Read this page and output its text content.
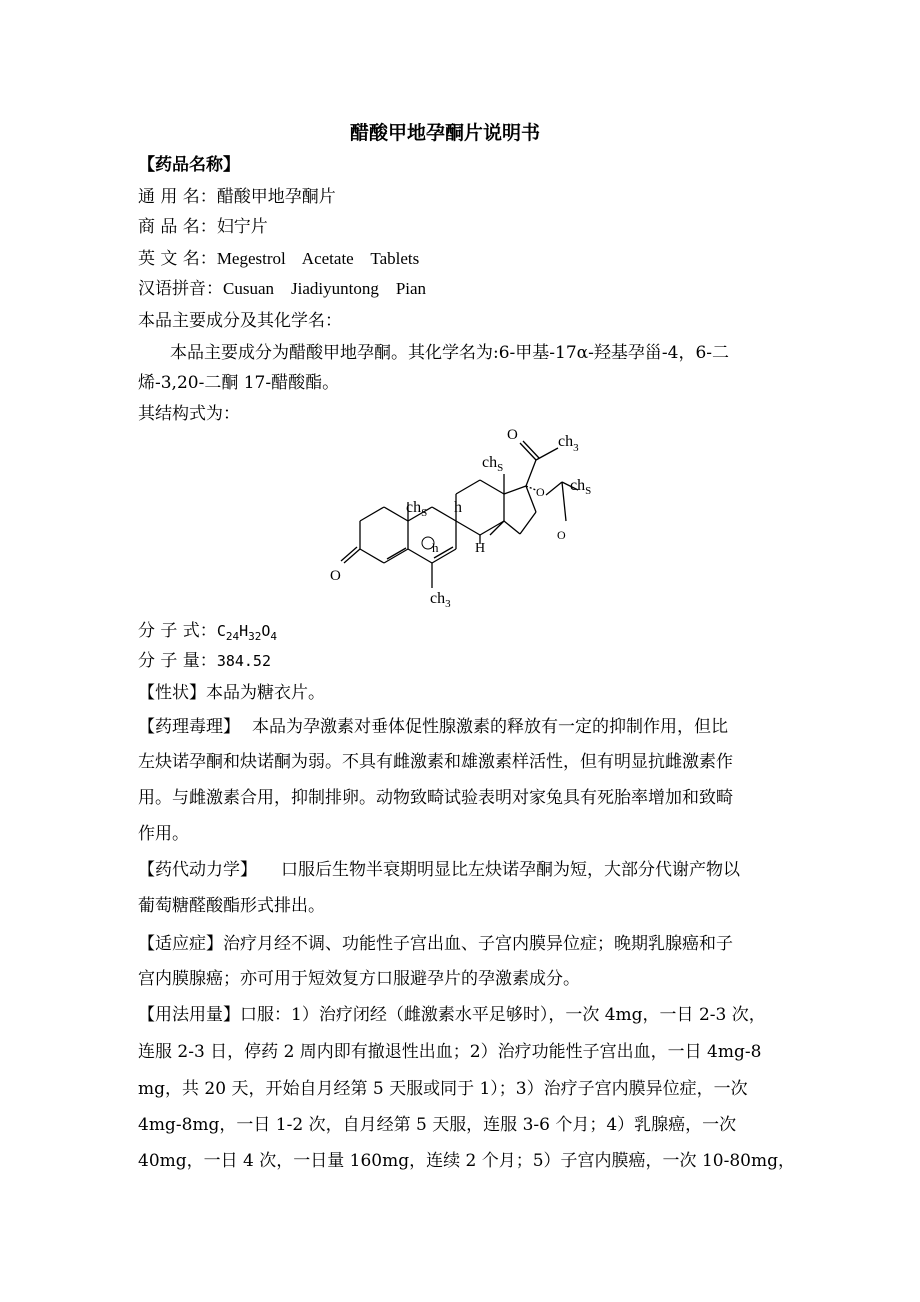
醋酸甲地孕酮片说明书
【药品名称】
通 用 名：醋酸甲地孕酮片
商 品 名：妇宁片
英 文 名：Megestrol    Acetate    Tablets
汉语拼音：Cusuan    Jiadiyuntong    Pian
本品主要成分及其化学名：
本品主要成分为醋酸甲地孕酮。其化学名为:6-甲基-17α-羟基孕甾-4，6-二
烯-3,20-二酮 17-醋酸酯。
其结构式为：
O	$ch_3$
$ch_S$
O $ch_S$
O
$ch_S$ h
h	H
O
$ch_3$
分 子 式：$C_{24}H_{32}O_4$
分 子 量：384.52
【性状】本品为糖衣片。
【药理毒理】 本品为孕激素对垂体促性腺激素的释放有一定的抑制作用，但比
左炔诺孕酮和炔诺酮为弱。不具有雌激素和雄激素样活性，但有明显抗雌激素作
用。与雌激素合用，抑制排卵。动物致畸试验表明对家兔具有死胎率增加和致畸
作用。
【药代动力学】 口服后生物半衰期明显比左炔诺孕酮为短，大部分代谢产物以
葡萄糖醛酸酯形式排出。
【适应症】治疗月经不调、功能性子宫出血、子宫内膜异位症；晚期乳腺癌和子
宫内膜腺癌；亦可用于短效复方口服避孕片的孕激素成分。
【用法用量】口服：1）治疗闭经（雌激素水平足够时），一次 4mg，一日 2-3 次，
连服 2-3 日，停药 2 周内即有撤退性出血；2）治疗功能性子宫出血，一日 4mg-8
mg，共 20 天，开始自月经第 5 天服或同于 1）；3）治疗子宫内膜异位症，一次
4mg-8mg，一日 1-2 次，自月经第 5 天服，连服 3-6 个月；4）乳腺癌，一次
40mg，一日 4 次，一日量 160mg，连续 2 个月；5）子宫内膜癌，一次 10-80mg，
